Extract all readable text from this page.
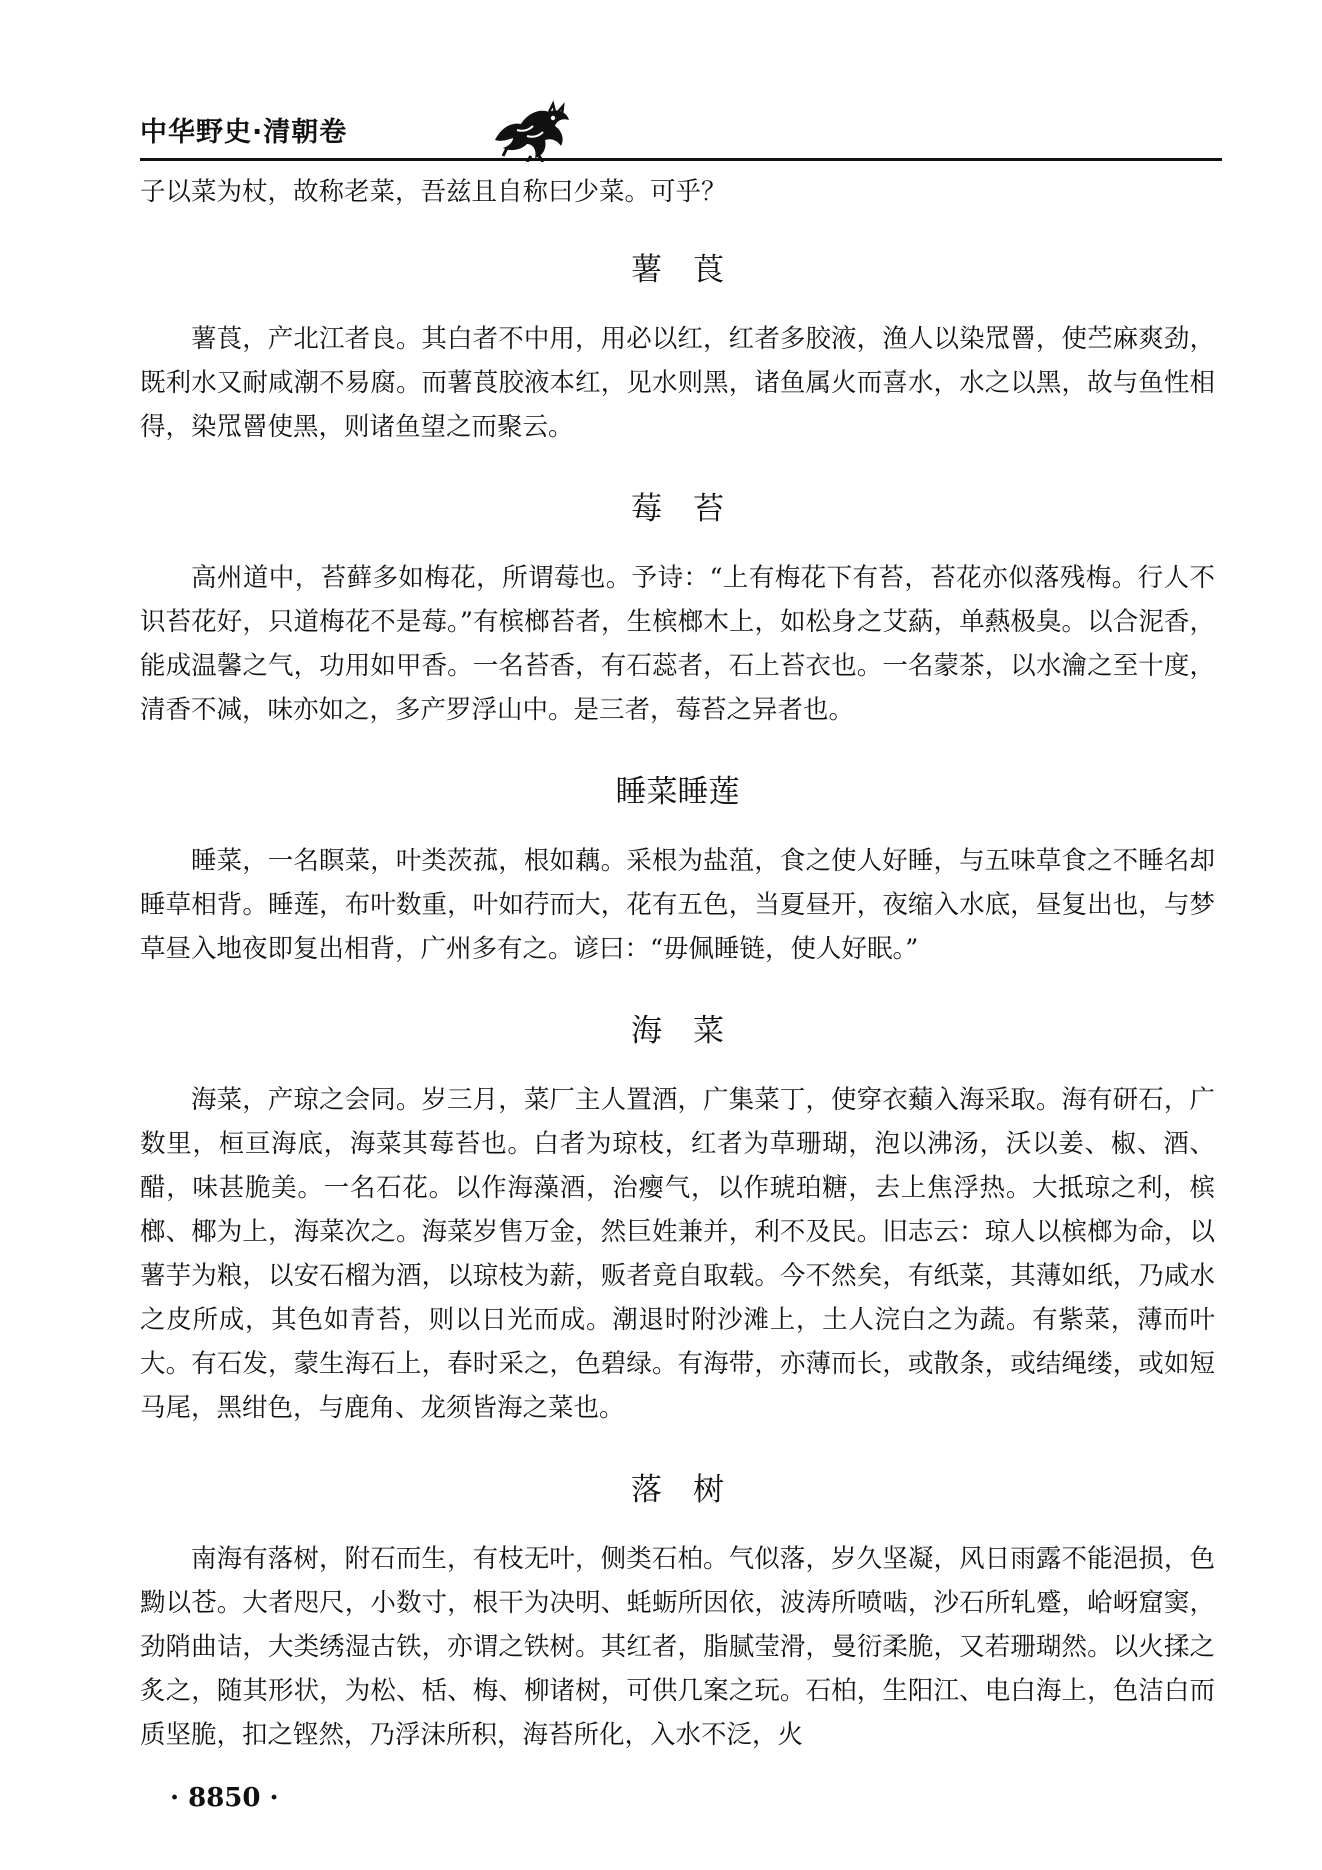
中华野史·清朝卷

子以菜为杖，故称老菜，吾兹且自称曰少菜。可乎？

薯　莨

薯莨，产北江者良。其白者不中用，用必以红，红者多胶液，渔人以染罛罾，使苎麻爽劲，既利水又耐咸潮不易腐。而薯莨胶液本红，见水则黑，诸鱼属火而喜水，水之以黑，故与鱼性相得，染罛罾使黑，则诸鱼望之而聚云。

莓　苔

高州道中，苔藓多如梅花，所谓莓也。予诗：“上有梅花下有苔，苔花亦似落残梅。行人不识苔花好，只道梅花不是莓。”有槟榔苔者，生槟榔木上，如松身之艾蒳，单爇极臭。以合泥香，能成温馨之气，功用如甲香。一名苔香，有石蕊者，石上苔衣也。一名蒙茶，以水瀹之至十度，清香不减，味亦如之，多产罗浮山中。是三者，莓苔之异者也。

睡菜睡莲

睡菜，一名瞑菜，叶类茨菰，根如藕。采根为盐菹，食之使人好睡，与五味草食之不睡名却睡草相背。睡莲，布叶数重，叶如荇而大，花有五色，当夏昼开，夜缩入水底，昼复出也，与梦草昼入地夜即复出相背，广州多有之。谚曰：“毋佩睡链，使人好眠。”

海　菜

海菜，产琼之会同。岁三月，菜厂主人置酒，广集菜丁，使穿衣蘱入海采取。海有研石，广数里，桓亘海底，海菜其莓苔也。白者为琼枝，红者为草珊瑚，泡以沸汤，沃以姜、椒、酒、醋，味甚脆美。一名石花。以作海藻酒，治瘿气，以作琥珀糖，去上焦浮热。大抵琼之利，槟榔、椰为上，海菜次之。海菜岁售万金，然巨姓兼并，利不及民。旧志云：琼人以槟榔为命，以薯芋为粮，以安石榴为酒，以琼枝为薪，贩者竟自取载。今不然矣，有纸菜，其薄如纸，乃咸水之皮所成，其色如青苔，则以日光而成。潮退时附沙滩上，土人浣白之为蔬。有紫菜，薄而叶大。有石发，蒙生海石上，春时采之，色碧绿。有海带，亦薄而长，或散条，或结绳缕，或如短马尾，黑绀色，与鹿角、龙须皆海之菜也。

落　树

南海有落树，附石而生，有枝无叶，侧类石柏。气似落，岁久坚凝，风日雨露不能浥损，色黝以苍。大者咫尺，小数寸，根干为决明、蚝蛎所因依，波涛所喷啮，沙石所轧蹙，峆岈窟窦，劲陗曲诘，大类绣湿古铁，亦谓之铁树。其红者，脂腻莹滑，曼衍柔脆，又若珊瑚然。以火揉之炙之，随其形状，为松、栝、梅、柳诸树，可供几案之玩。石柏，生阳江、电白海上，色洁白而质坚脆，扣之铿然，乃浮沫所积，海苔所化，入水不泛，火

· 8850 ·
